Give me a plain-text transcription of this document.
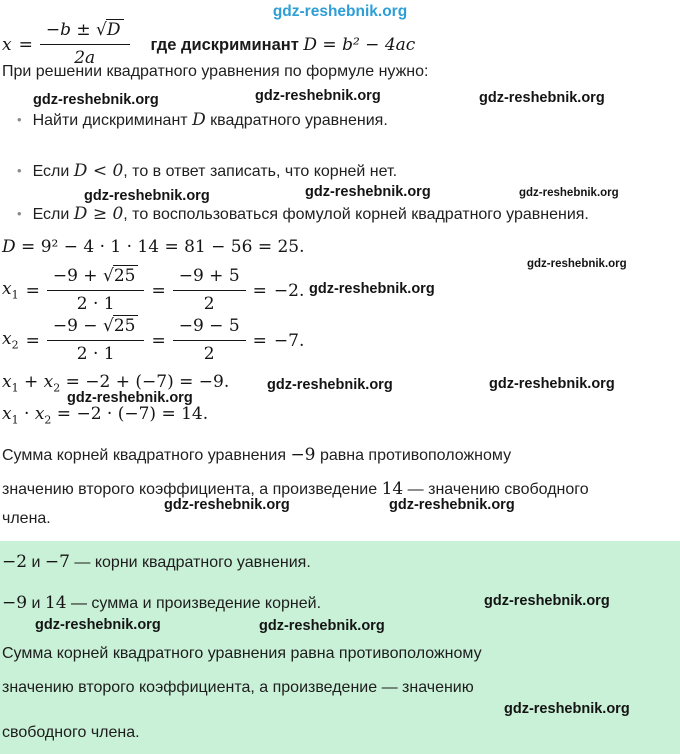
$x = \frac{-b \pm √D}{2a}$ где дискриминант D = b² − 4ac
При решении квадратного уравнения по формуле нужно:
• Найти дискриминант D квадратного уравнения.
• Если D < 0, то в ответ записать, что корней нет.
• Если D ≥ 0, то воспользоваться фомулой корней квадратного уравнения.
D = 9² − 4 · 1 · 14 = 81 − 56 = 25.
$x_1 = \frac{-9 + √25}{2 \cdot 1} = \frac{-9 + 5}{2} = -2$.
$x_2 = \frac{-9 - √25}{2 \cdot 1} = \frac{-9 - 5}{2} = -7$.
$x_1 + x_2 = -2 + (-7) = -9$.
$x_1 \cdot x_2 = -2 \cdot (-7) = 14$.
Сумма корней квадратного уравнения −9 равна противоположному
значению второго коэффициента, а произведение 14 — значению свободного
члена.
−2 и −7 — корни квадратного уавнения.
−9 и 14 — сумма и произведение корней.
Сумма корней квадратного уравнения равна противоположному
значению второго коэффициента, а произведение — значению
свободного члена.
gdz-reshebnik.org
gdz-reshebnik.org	gdz-reshebnik.org	gdz-reshebnik.org
gdz-reshebnik.org	gdz-reshebnik.org	gdz-reshebnik.org
gdz-reshebnik.org
gdz-reshebnik.org
gdz-reshebnik.org	gdz-reshebnik.org
gdz-reshebnik.org
gdz-reshebnik.org	gdz-reshebnik.org
gdz-reshebnik.org
gdz-reshebnik.org	gdz-reshebnik.org
gdz-reshebnik.org
